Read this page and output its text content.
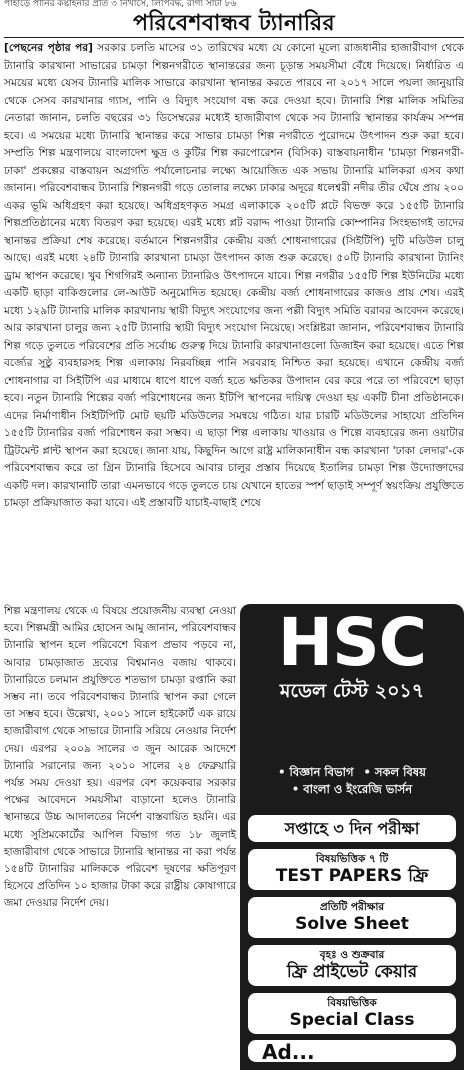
পাহাড়ে পানির কষ্টাহনার প্রতি ৩ নিখাসে, লিপিবদ্ধ, রাগ্য সাটা ৮৬
পরিবেশবান্ধব ট্যানারির

[পেছনের পৃষ্ঠার পর] সরকার চলতি মাসের ৩১ তারিখের মধ্যে যে কোনো মূল্যে রাজধানীর হাজারীবাগ থেকে ট্যানারি কারখানা সাভারের চামড়া শিল্পনগরীতে স্থানান্তরের জন্য চূড়ান্ত সময়সীমা বেঁধে দিয়েছে। নির্ধারিত এ সময়ের মধ্যে যেসব ট্যানারি মালিক সাভারে কারখানা স্থানান্তর করতে পারবে না ২০১৭ সালে পয়লা জানুয়ারি থেকে সেসব কারখানার গ্যাস, পানি ও বিদ্যুৎ সংযোগ বন্ধ করে দেওয়া হবে। ট্যানারি শিল্প মালিক সমিতির নেতারা জানান, চলতি বছরের ৩১ ডিসেম্বরের মধ্যেই হাজারীবাগ থেকে সব ট্যানারি স্থানান্তর কার্যক্রম সম্পন্ন হবে। এ সময়ের মধ্যে ট্যানারি স্থানান্তর করে সাভার চামড়া শিল্প নগরীতে পুরোদমে উৎপাদন শুরু করা হবে। সম্প্রতি শিল্প মন্ত্রণালয়ে বাংলাদেশ ক্ষুদ্র ও কুটির শিল্প করপোরেশন (বিসিক) বাস্তবায়নাধীন 'চামড়া শিল্পনগরী-ঢাকা' প্রকল্পের বাস্তবায়ন অগ্রগতি পর্যালোচনার লক্ষ্যে আয়োজিত এক সভায় ট্যানারি মালিকরা এসব কথা জানান। পরিবেশবান্ধব ট্যানারি শিল্পনগরী গড়ে তোলার লক্ষ্যে ঢাকার অদূরে ধলেশ্বরী নদীর তীর ঘেঁষে প্রায় ২০০ একর ভূমি অধিগ্রহণ করা হয়েছে। অধিগ্রহণকৃত সমগ্র এলাকাকে ২০৫টি প্লটে বিভক্ত করে ১৫৫টি ট্যানারি শিল্পপ্রতিষ্ঠানের মধ্যে বিতরণ করা হয়েছে। এরই মধ্যে প্লট বরাদ্দ পাওয়া ট্যানারি কোম্পানির সিংহভাগই তাদের স্থানান্তর প্রক্রিয়া শেষ করেছে। বর্তমানে শিল্পনগরীর কেন্দ্রীয় বর্জ্য শোধনাগারের (সিইটিপি) দুটি মডিউল চালু আছে। এরই মধ্যে ২৪টি ট্যানারি কারখানা চামড়া উৎপাদন কাজ শুরু করেছে। ৫০টি ট্যানারি কারখানা ট্যানিং ড্রাম স্থাপন করেছে। খুব শিগগিরই অন্যান্য ট্যানারিও উৎপাদনে যাবে। শিল্প নগরীর ১৫৫টি শিল্প ইউনিটের মধ্যে একটি ছাড়া বাকিগুলোর লে-আউট অনুমোদিত হয়েছে। কেন্দ্রীয় বর্জ্য শোধনাগারের কাজও প্রায় শেষ। এরই মধ্যে ১২৯টি ট্যানারি মালিক কারখানায় স্থায়ী বিদ্যুৎ সংযোগের জন্য পল্লী বিদ্যুৎ সমিতি বরাবর আবেদন করেছে। আর কারখানা চালুর জন্য ২৫টি ট্যানারি স্থায়ী বিদ্যুৎ সংযোগ নিয়েছে। সংশ্লিষ্টরা জানান, পরিবেশবান্ধব ট্যানারি শিল্প গড়ে তুলতে পরিবেশের প্রতি সর্বোচ্চ গুরুত্ব দিয়ে ট্যানারি কারখানাগুলো ডিজাইন করা হয়েছে। এতে শিল্প বর্জ্যের সুষ্ঠু ব্যবহারসহ শিল্প এলাকায় নিরবচ্ছিন্ন পানি সরবরাহ নিশ্চিত করা হয়েছে। এখানে কেন্দ্রীয় বর্জ্য শোধনাগার বা সিইটিপি এর মাধ্যমে ধাপে ধাপে বর্জ্য হতে ক্ষতিকর উপাদান বের করে পরে তা পরিবেশে ছাড়া হবে। নতুন ট্যানারি শিল্পের বর্জ্য পরিশোধনের জন্য ইটিপি স্থাপনের দায়িত্ব দেওয়া হয় একটি চীনা প্রতিষ্ঠানকে। এদের নির্মাণাধীন সিইটিপিটি মোট ছয়টি মডিউলের সমন্বয়ে গঠিত। যার চারটি মডিউলের সাহায্যে প্রতিদিন ১৫৫টি ট্যানারির বর্জ্য পরিশোধন করা সম্ভব। এ ছাড়া শিল্প এলাকায় খাওয়ার ও শিল্পে ব্যবহারের জন্য ওয়াটার ট্রিটমেন্ট প্লান্ট স্থাপন করা হয়েছে। জানা যায়, কিছুদিন আগে রাষ্ট্র মালিকানাধীন বন্ধ কারখানা 'ঢাকা লেদার'-কে পরিবেশবান্ধব করে তা গ্রিন ট্যানারি হিসেবে আবার চালুর প্রস্তাব দিয়েছে ইতালির চামড়া শিল্প উদ্যোক্তাদের একটি দল। কারখানাটি তারা এমনভাবে গড়ে তুলতে চায় যেখানে হাতের স্পর্শ ছাড়াই সম্পূর্ণ স্বয়ংক্রিয় প্রযুক্তিতে চামড়া প্রক্রিয়াজাত করা যাবে। এই প্রস্তাবটি যাচাই-বাছাই শেষে

শিল্প মন্ত্রণালয় থেকে এ বিষয়ে প্রয়োজনীয় ব্যবস্থা নেওয়া হবে। শিল্পমন্ত্রী আমির হোসেন আমু জানান, পরিবেশবান্ধব ট্যানারি স্থাপন হলে পরিবেশে বিরূপ প্রভাব পড়বে না, আবার চামড়াজাত দ্রব্যের বিশ্বমানও বজায় থাকবে। ট্যানারিতে চলমান প্রযুক্তিতে শতভাগ চামড়া রপ্তানি করা সম্ভব না। তবে পরিবেশবান্ধব ট্যানারি স্থাপন করা গেলে তা সম্ভব হবে। উল্লেখ্য, ২০০১ সালে হাইকোর্ট এক রায়ে হাজারীবাগ থেকে সাভারে ট্যানারি সরিয়ে নেওয়ার নির্দেশ দেয়। এরপর ২০০৯ সালের ৩ জুন আরেক আদেশে ট্যানারি সরানোর জন্য ২০১০ সালের ২৪ ফেব্রুয়ারি পর্যন্ত সময় দেওয়া হয়। এরপর বেশ কয়েকবার সরকার পক্ষের আবেদনে সময়সীমা বাড়ানো হলেও ট্যানারি স্থানান্তরে উচ্চ আদালতের নির্দেশ বাস্তবায়িত হয়নি। এর মধ্যে সুপ্রিমকোর্টের আপিল বিভাগ গত ১৮ জুলাই হাজারীবাগ থেকে সাভারে ট্যানারি স্থানান্তর না করা পর্যন্ত ১৫৪টি ট্যানারির মালিককে পরিবেশ দূষণের ক্ষতিপূরণ হিসেবে প্রতিদিন ১০ হাজার টাকা করে রাষ্ট্রীয় কোষাগারে জমা দেওয়ার নির্দেশ দেয়।

HSC
মডেল টেস্ট ২০১৭
• বিজ্ঞান বিভাগ • সকল বিষয়
• বাংলা ও ইংরেজি ভার্সন
সপ্তাহে ৩ দিন পরীক্ষা
বিষয়ভিত্তিক ৭ টি
TEST PAPERS ফ্রি
প্রতিটি পরীক্ষার
Solve Sheet
বৃহঃ ও শুক্রবার
ফ্রি প্রাইভেট কেয়ার
বিষয়ভিত্তিক
Special Class
Ad...
